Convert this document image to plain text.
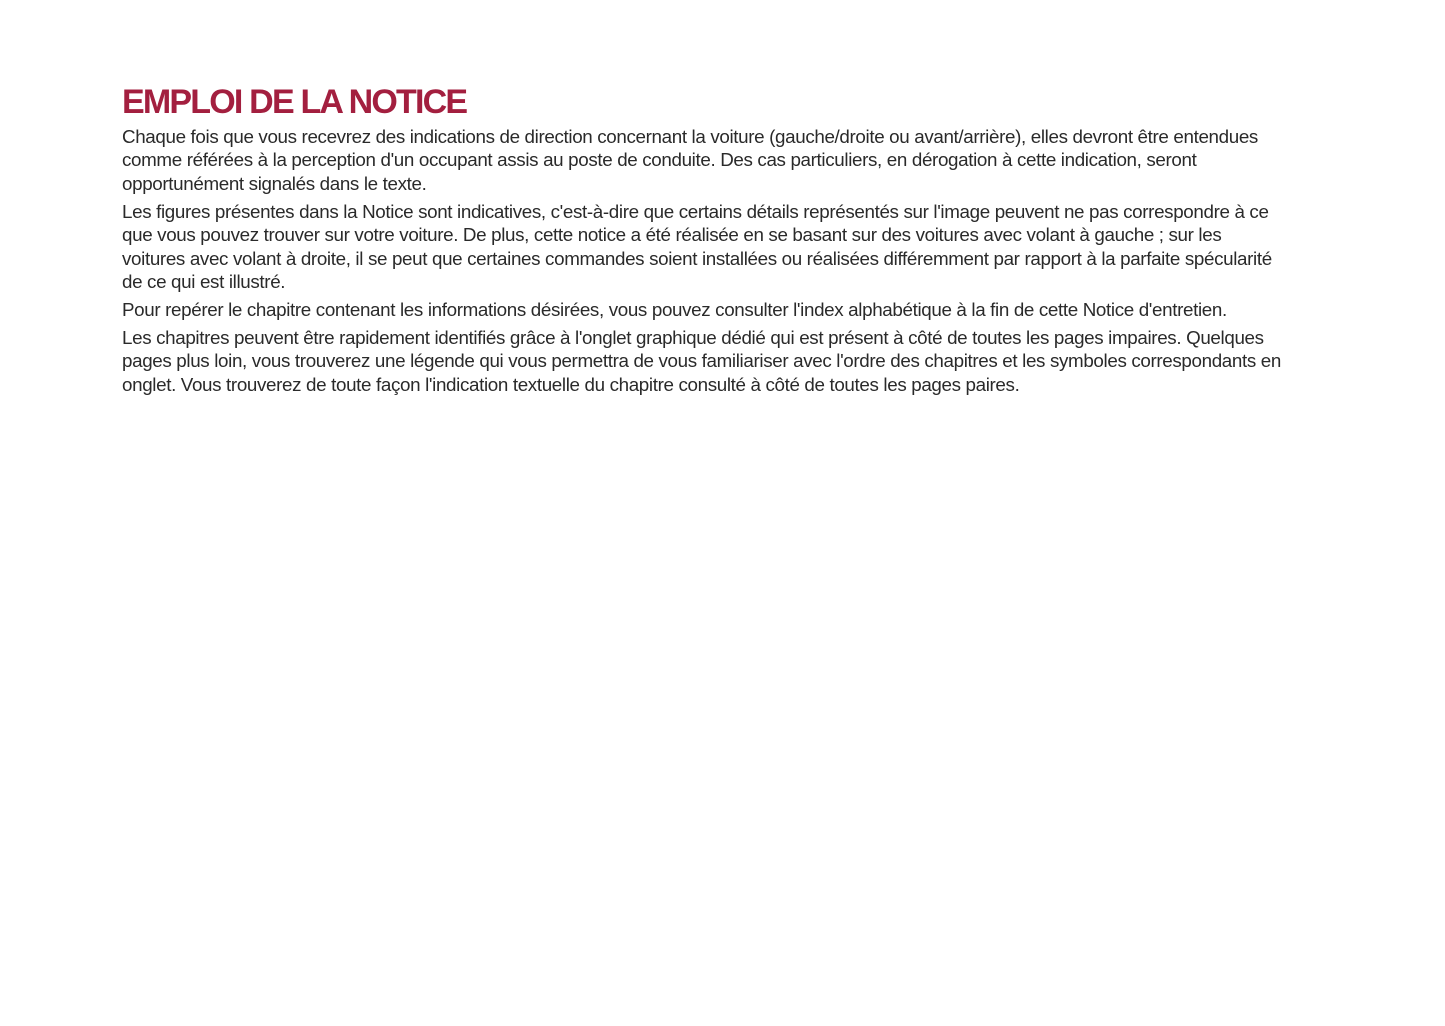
EMPLOI DE LA NOTICE

Chaque fois que vous recevrez des indications de direction concernant la voiture (gauche/droite ou avant/arrière), elles devront être entendues comme référées à la perception d'un occupant assis au poste de conduite. Des cas particuliers, en dérogation à cette indication, seront opportunément signalés dans le texte.

Les figures présentes dans la Notice sont indicatives, c'est-à-dire que certains détails représentés sur l'image peuvent ne pas correspondre à ce que vous pouvez trouver sur votre voiture. De plus, cette notice a été réalisée en se basant sur des voitures avec volant à gauche ; sur les voitures avec volant à droite, il se peut que certaines commandes soient installées ou réalisées différemment par rapport à la parfaite spécularité de ce qui est illustré.

Pour repérer le chapitre contenant les informations désirées, vous pouvez consulter l'index alphabétique à la fin de cette Notice d'entretien.

Les chapitres peuvent être rapidement identifiés grâce à l'onglet graphique dédié qui est présent à côté de toutes les pages impaires. Quelques pages plus loin, vous trouverez une légende qui vous permettra de vous familiariser avec l'ordre des chapitres et les symboles correspondants en onglet. Vous trouverez de toute façon l'indication textuelle du chapitre consulté à côté de toutes les pages paires.
